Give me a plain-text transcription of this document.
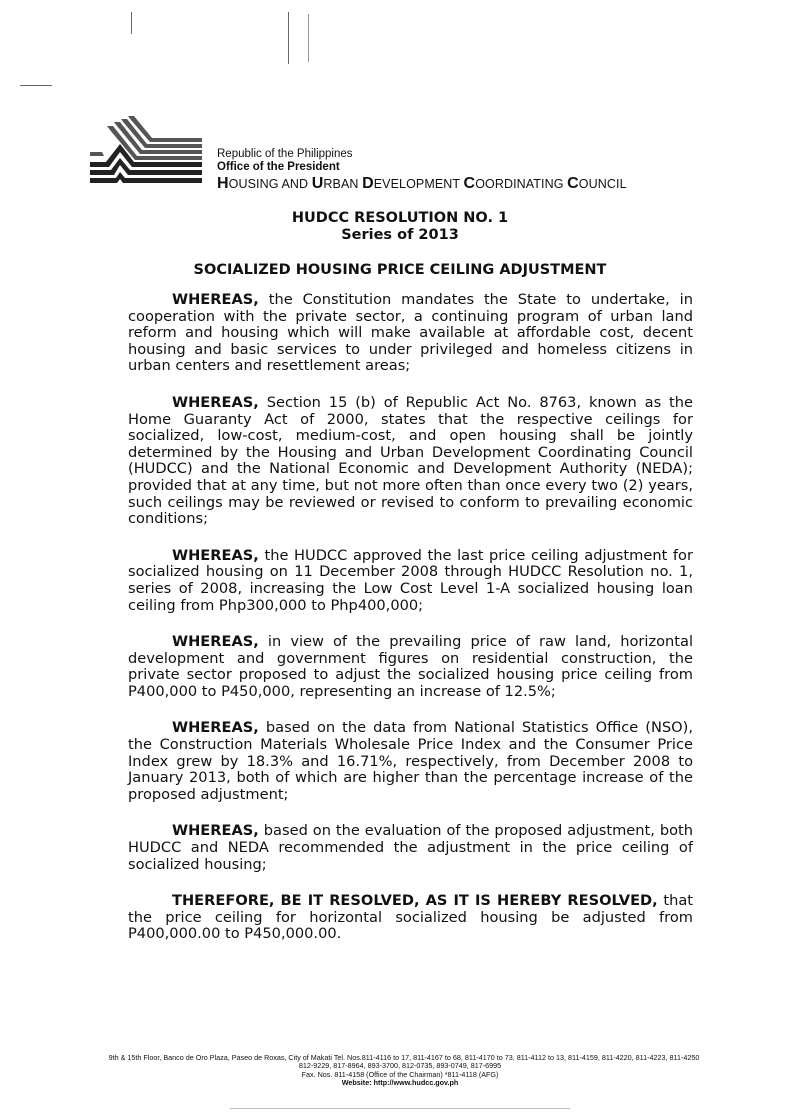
Republic of the Philippines
Office of the President
HOUSING AND URBAN DEVELOPMENT COORDINATING COUNCIL
HUDCC RESOLUTION NO. 1
Series of 2013
SOCIALIZED HOUSING PRICE CEILING ADJUSTMENT

WHEREAS, the Constitution mandates the State to undertake, in cooperation with the private sector, a continuing program of urban land reform and housing which will make available at affordable cost, decent housing and basic services to under privileged and homeless citizens in urban centers and resettlement areas;

WHEREAS, Section 15 (b) of Republic Act No. 8763, known as the Home Guaranty Act of 2000, states that the respective ceilings for socialized, low-cost, medium-cost, and open housing shall be jointly determined by the Housing and Urban Development Coordinating Council (HUDCC) and the National Economic and Development Authority (NEDA); provided that at any time, but not more often than once every two (2) years, such ceilings may be reviewed or revised to conform to prevailing economic conditions;

WHEREAS, the HUDCC approved the last price ceiling adjustment for socialized housing on 11 December 2008 through HUDCC Resolution no. 1, series of 2008, increasing the Low Cost Level 1-A socialized housing loan ceiling from Php300,000 to Php400,000;

WHEREAS, in view of the prevailing price of raw land, horizontal development and government figures on residential construction, the private sector proposed to adjust the socialized housing price ceiling from P400,000 to P450,000, representing an increase of 12.5%;

WHEREAS, based on the data from National Statistics Office (NSO), the Construction Materials Wholesale Price Index and the Consumer Price Index grew by 18.3% and 16.71%, respectively, from December 2008 to January 2013, both of which are higher than the percentage increase of the proposed adjustment;

WHEREAS, based on the evaluation of the proposed adjustment, both HUDCC and NEDA recommended the adjustment in the price ceiling of socialized housing;

THEREFORE, BE IT RESOLVED, AS IT IS HEREBY RESOLVED, that the price ceiling for horizontal socialized housing be adjusted from P400,000.00 to P450,000.00.

9th & 15th Floor, Banco de Oro Plaza, Paseo de Roxas, City of Makati Tel. Nos.811-4116 to 17, 811-4167 to 68, 811-4170 to 73, 811-4112 to 13, 811-4159, 811-4220, 811-4223, 811-4250
812-9229, 817-8964, 893-3700, 812-0735, 893-0749, 817-6995
Fax. Nos. 811-4158 (Office of the Chairman) *811-4118 (AFG)
Website: http://www.hudcc.gov.ph
